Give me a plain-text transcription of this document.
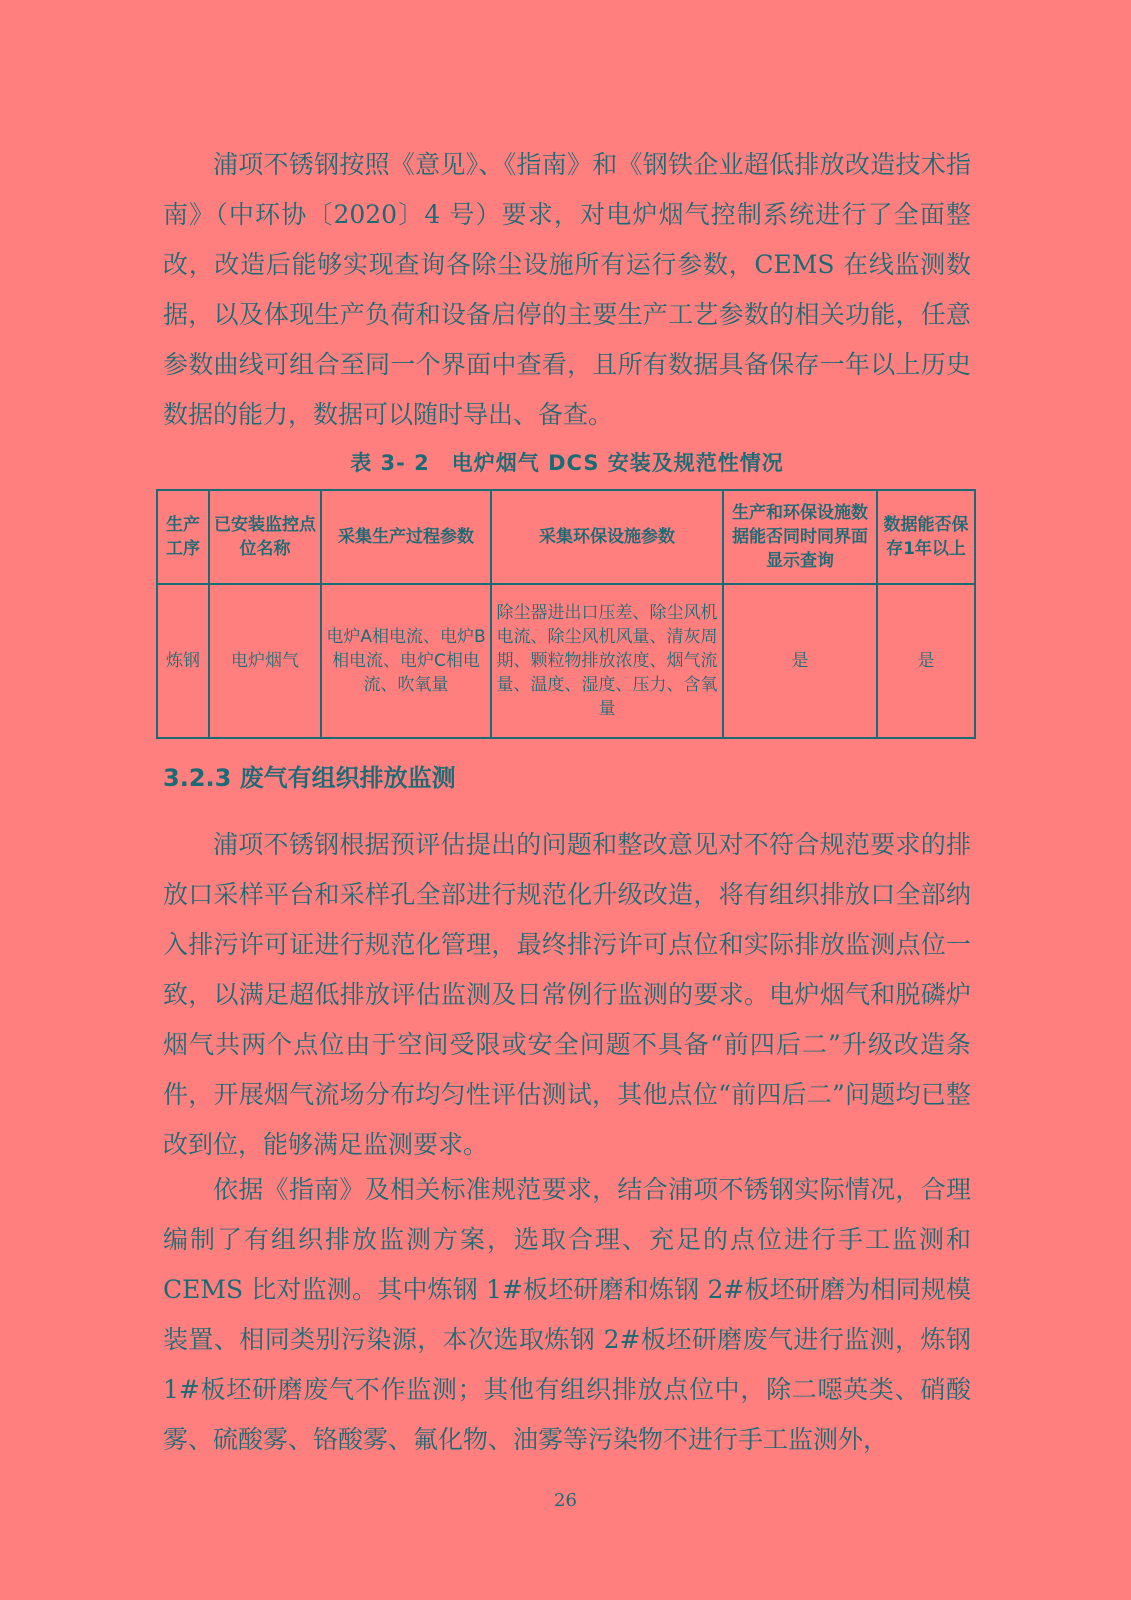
浦项不锈钢按照《意见》、《指南》和《钢铁企业超低排放改造技术指南》（中环协〔2020〕4 号）要求，对电炉烟气控制系统进行了全面整改，改造后能够实现查询各除尘设施所有运行参数，CEMS 在线监测数据，以及体现生产负荷和设备启停的主要生产工艺参数的相关功能，任意参数曲线可组合至同一个界面中查看，且所有数据具备保存一年以上历史数据的能力，数据可以随时导出、备查。

表 3- 2　电炉烟气 DCS 安装及规范性情况
生产工序	已安装监控点位名称	采集生产过程参数	采集环保设施参数	生产和环保设施数据能否同时同界面显示查询	数据能否保存1年以上
炼钢	电炉烟气	电炉A相电流、电炉B相电流、电炉C相电流、吹氧量	除尘器进出口压差、除尘风机电流、除尘风机风量、清灰周期、颗粒物排放浓度、烟气流量、温度、湿度、压力、含氧量	是	是
3.2.3 废气有组织排放监测

浦项不锈钢根据预评估提出的问题和整改意见对不符合规范要求的排放口采样平台和采样孔全部进行规范化升级改造，将有组织排放口全部纳入排污许可证进行规范化管理，最终排污许可点位和实际排放监测点位一致，以满足超低排放评估监测及日常例行监测的要求。电炉烟气和脱磷炉烟气共两个点位由于空间受限或安全问题不具备“前四后二”升级改造条件，开展烟气流场分布均匀性评估测试，其他点位“前四后二”问题均已整改到位，能够满足监测要求。

依据《指南》及相关标准规范要求，结合浦项不锈钢实际情况，合理编制了有组织排放监测方案，选取合理、充足的点位进行手工监测和 CEMS 比对监测。其中炼钢 1#板坯研磨和炼钢 2#板坯研磨为相同规模装置、相同类别污染源，本次选取炼钢 2#板坯研磨废气进行监测，炼钢 1#板坯研磨废气不作监测；其他有组织排放点位中，除二噁英类、硝酸雾、硫酸雾、铬酸雾、氟化物、油雾等污染物不进行手工监测外，

26
